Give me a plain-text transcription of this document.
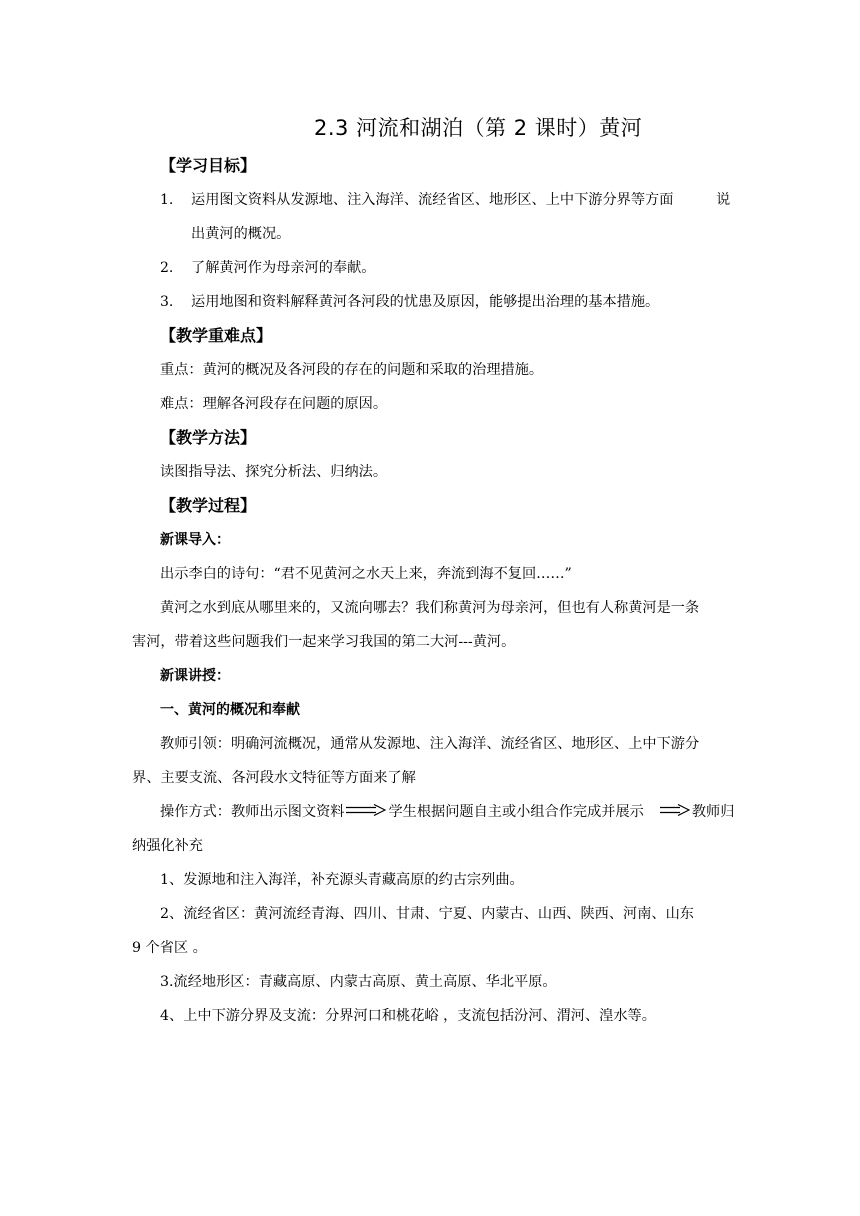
2.3 河流和湖泊（第 2 课时）黄河
【学习目标】
1. 运用图文资料从发源地、注入海洋、流经省区、地形区、上中下游分界等方面	说
出黄河的概况。
2. 了解黄河作为母亲河的奉献。
3. 运用地图和资料解释黄河各河段的忧患及原因，能够提出治理的基本措施。
【教学重难点】
重点：黄河的概况及各河段的存在的问题和采取的治理措施。
难点：理解各河段存在问题的原因。
【教学方法】
读图指导法、探究分析法、归纳法。
【教学过程】
新课导入：
出示李白的诗句：“君不见黄河之水天上来，奔流到海不复回……”
黄河之水到底从哪里来的，又流向哪去？我们称黄河为母亲河，但也有人称黄河是一条
害河，带着这些问题我们一起来学习我国的第二大河---黄河。
新课讲授：
一、黄河的概况和奉献
教师引领：明确河流概况，通常从发源地、注入海洋、流经省区、地形区、上中下游分
界、主要支流、各河段水文特征等方面来了解
操作方式：教师出示图文资料	学生根据问题自主或小组合作完成并展示	教师归
纳强化补充
1、发源地和注入海洋，补充源头青藏高原的约古宗列曲。
2、流经省区：黄河流经青海、四川、甘肃、宁夏、内蒙古、山西、陕西、河南、山东
9 个省区 。
3.流经地形区：青藏高原、内蒙古高原、黄土高原、华北平原。
4、上中下游分界及支流：分界河口和桃花峪 ，支流包括汾河、渭河、湟水等。
